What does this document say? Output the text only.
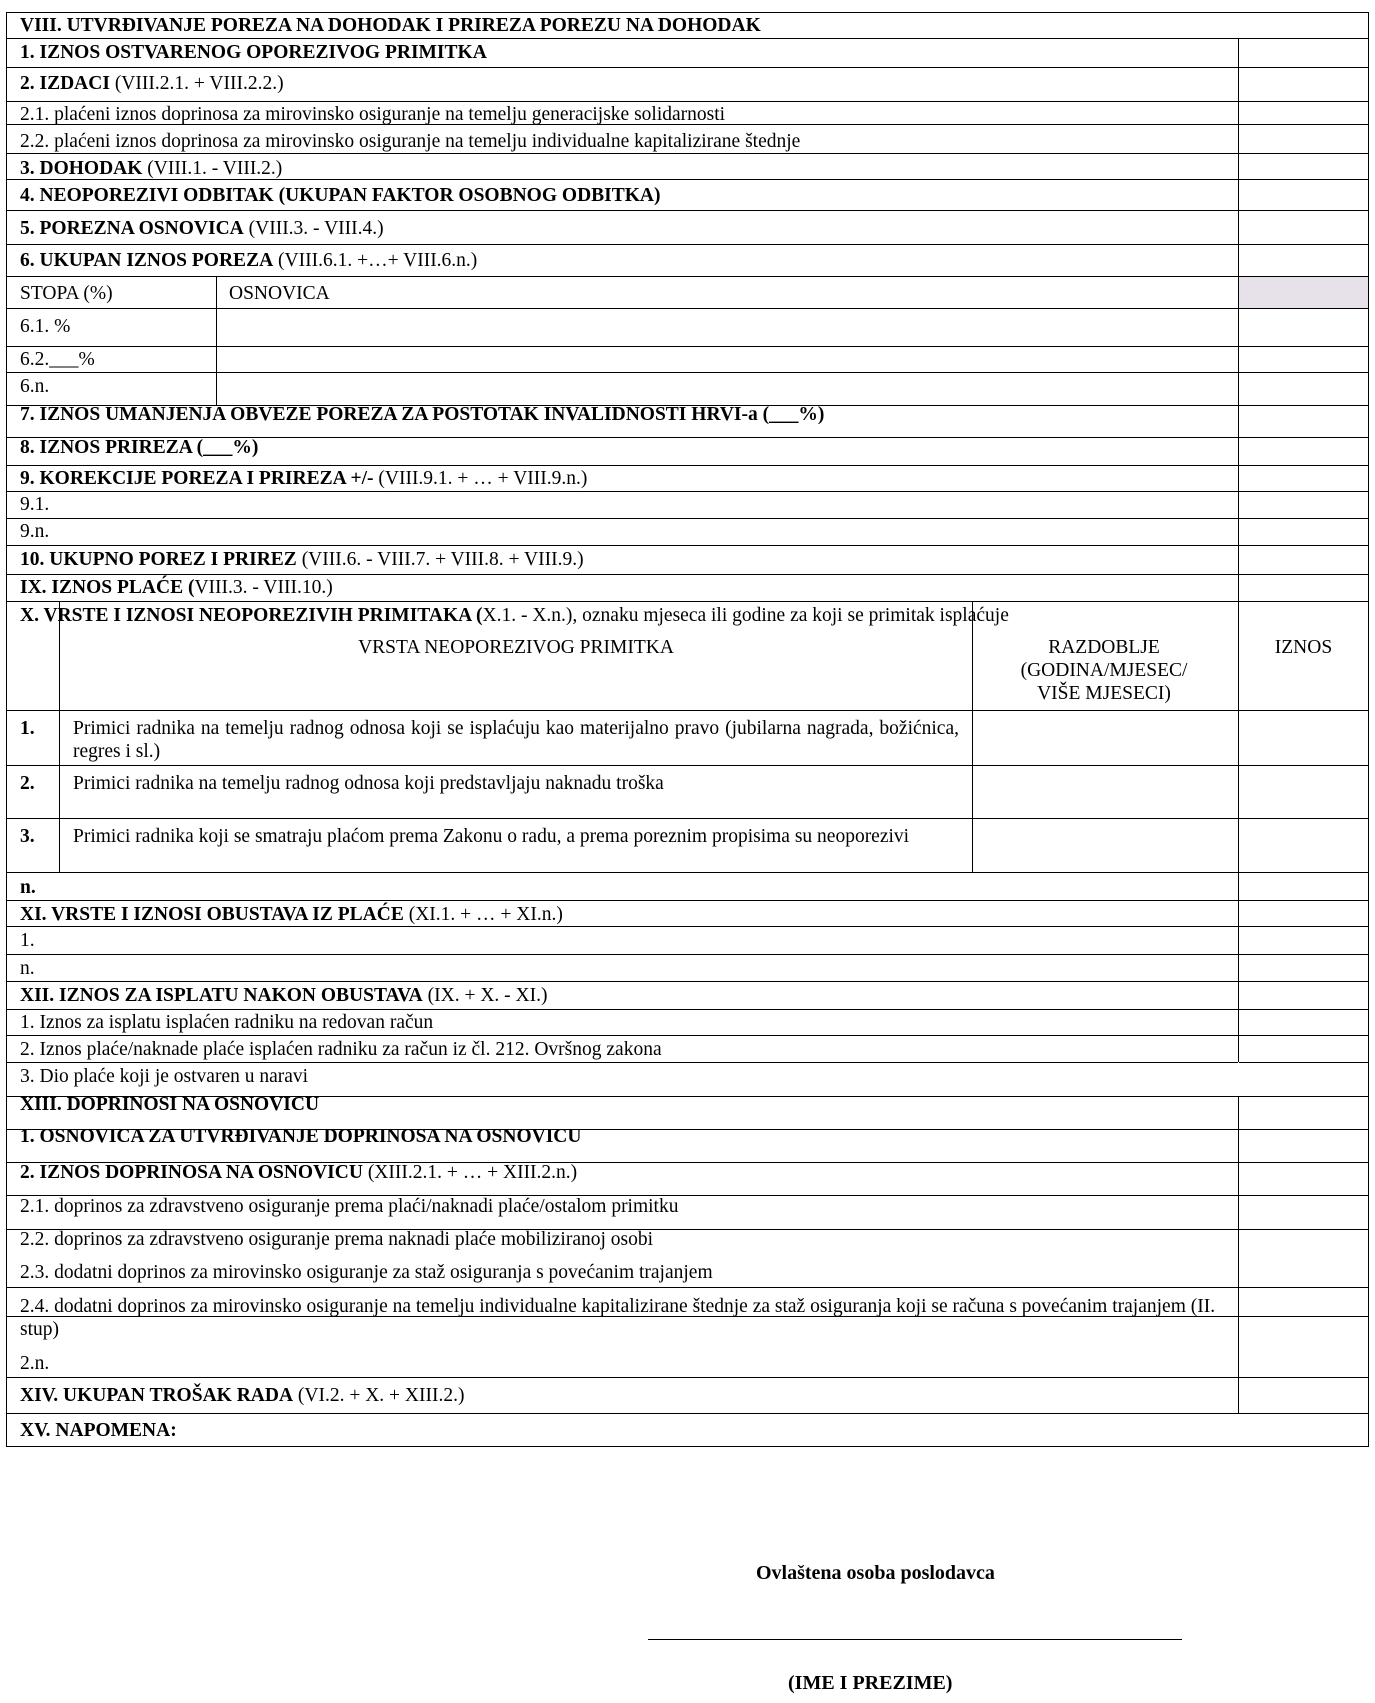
VIII. UTVRĐIVANJE POREZA NA DOHODAK I PRIREZA POREZU NA DOHODAK
1. IZNOS OSTVARENOG OPOREZIVOG PRIMITKA
2. IZDACI (VIII.2.1. + VIII.2.2.)
2.1. plaćeni iznos doprinosa za mirovinsko osiguranje na temelju generacijske solidarnosti
2.2. plaćeni iznos doprinosa za mirovinsko osiguranje na temelju individualne kapitalizirane štednje
3. DOHODAK (VIII.1. - VIII.2.)
4. NEOPOREZIVI ODBITAK (UKUPAN FAKTOR OSOBNOG ODBITKA)
5. POREZNA OSNOVICA (VIII.3. - VIII.4.)
6. UKUPAN IZNOS POREZA (VIII.6.1. +…+ VIII.6.n.)
STOPA (%)	OSNOVICA
6.1. %
6.2.___%
6.n.
7. IZNOS UMANJENJA OBVEZE POREZA ZA POSTOTAK INVALIDNOSTI HRVI-a (___%)
8. IZNOS PRIREZA (___%)
9. KOREKCIJE POREZA I PRIREZA +/- (VIII.9.1. + … + VIII.9.n.)
9.1.
9.n.
10. UKUPNO POREZ I PRIREZ (VIII.6. - VIII.7. + VIII.8. + VIII.9.)
IX. IZNOS PLAĆE (VIII.3. - VIII.10.)
X. VRSTE I IZNOSI NEOPOREZIVIH PRIMITAKA (X.1. - X.n.), oznaku mjeseca ili godine za koji se primitak isplaćuje
VRSTA NEOPOREZIVOG PRIMITKA	RAZDOBLJE (GODINA/MJESEC/ VIŠE MJESECI)
IZNOS
1. Primici radnika na temelju radnog odnosa koji se isplaćuju kao materijalno pravo (jubilarna nagrada, božićnica, regres i sl.)
2. Primici radnika na temelju radnog odnosa koji predstavljaju naknadu troška
3. Primici radnika koji se smatraju plaćom prema Zakonu o radu, a prema poreznim propisima su neoporezivi
n.
XI. VRSTE I IZNOSI OBUSTAVA IZ PLAĆE (XI.1. + … + XI.n.)
1.
n.
XII. IZNOS ZA ISPLATU NAKON OBUSTAVA (IX. + X. - XI.)
1. Iznos za isplatu isplaćen radniku na redovan račun
2. Iznos plaće/naknade plaće isplaćen radniku za račun iz čl. 212. Ovršnog zakona
3. Dio plaće koji je ostvaren u naravi
XIII. DOPRINOSI NA OSNOVICU
1. OSNOVICA ZA UTVRĐIVANJE DOPRINOSA NA OSNOVICU
2. IZNOS DOPRINOSA NA OSNOVICU (XIII.2.1. + … + XIII.2.n.)
2.1. doprinos za zdravstveno osiguranje prema plaći/naknadi plaće/ostalom primitku
2.2. doprinos za zdravstveno osiguranje prema naknadi plaće mobiliziranoj osobi
2.3. dodatni doprinos za mirovinsko osiguranje za staž osiguranja s povećanim trajanjem
2.4. dodatni doprinos za mirovinsko osiguranje na temelju individualne kapitalizirane štednje za staž osiguranja koji se računa s povećanim trajanjem (II. stup)
2.n.
XIV. UKUPAN TROŠAK RADA (VI.2. + X. + XIII.2.)
XV. NAPOMENA:
Ovlaštena osoba poslodavca
(IME I PREZIME)
